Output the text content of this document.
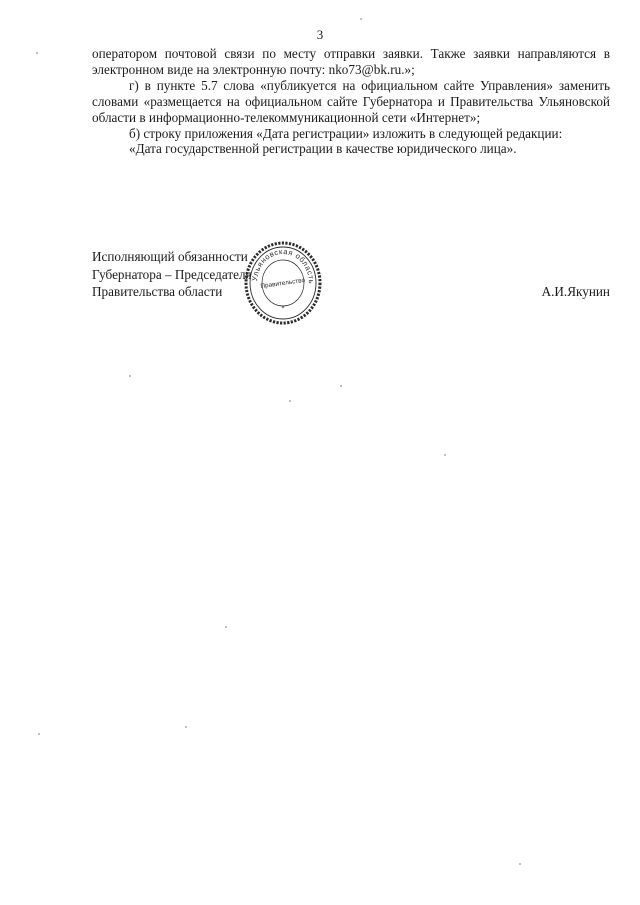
3

оператором почтовой связи по месту отправки заявки. Также заявки направляются в электронном виде на электронную почту: nko73@bk.ru.»;

г) в пункте 5.7 слова «публикуется на официальном сайте Управления» заменить словами «размещается на официальном сайте Губернатора и Правительства Ульяновской области в информационно-телекоммуникационной сети «Интернет»;

б) строку приложения «Дата регистрации» изложить в следующей редакции:

«Дата государственной регистрации в качестве юридического лица».

Исполняющий обязанности
Губернатора – Председателя
Правительства области	А.И.Якунин
Ульяновская область
Правительство
*
